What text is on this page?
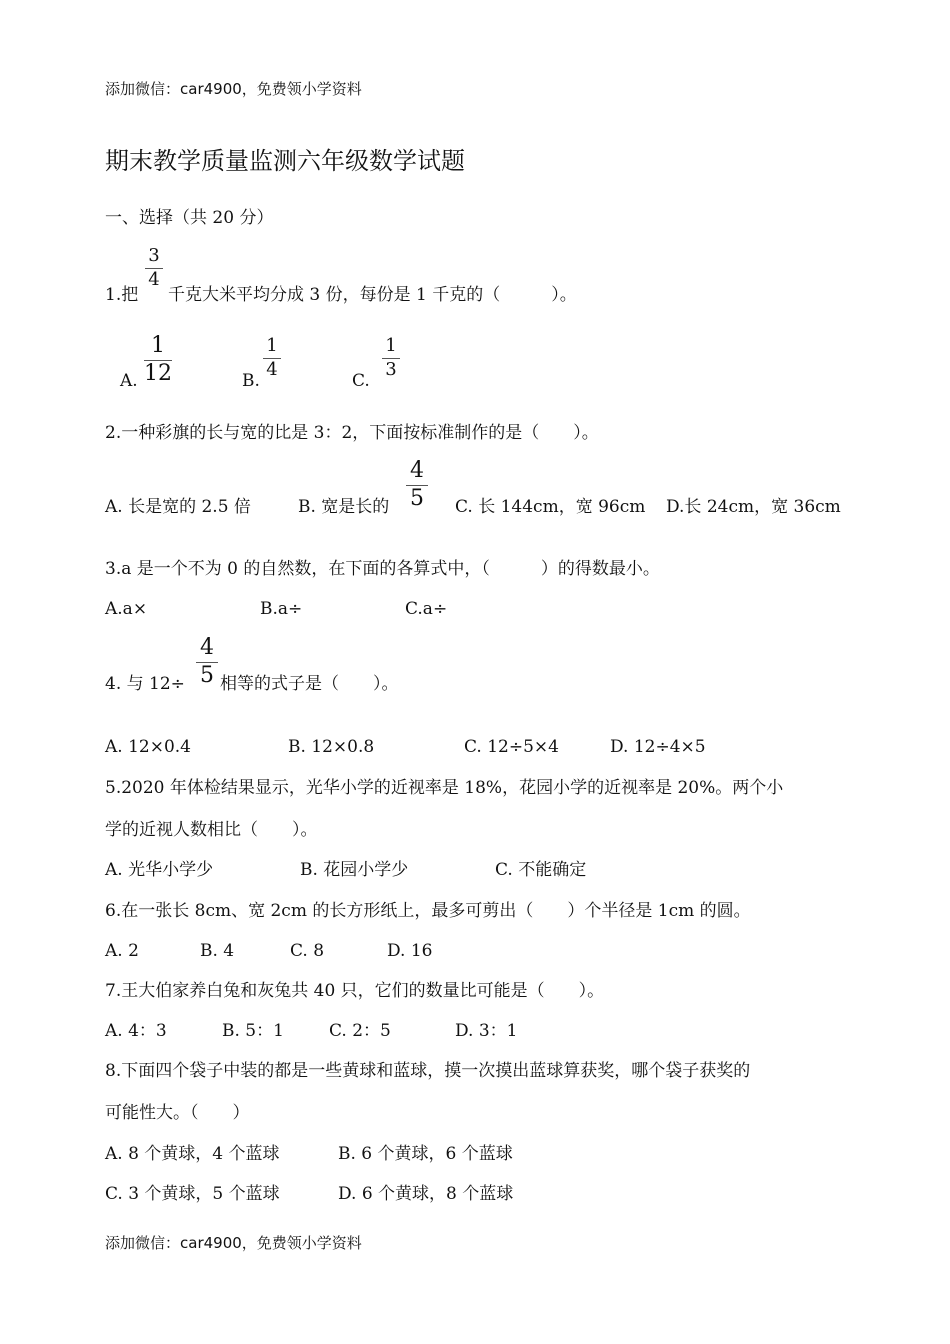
添加微信：car4900，免费领小学资料
期末教学质量监测六年级数学试题
一、选择（共 20 分）
1.把
3
4
千克大米平均分成 3 份，每份是 1 千克的（　　　）。
A.
1
12	B.
1
4
C.
1
3
2.一种彩旗的长与宽的比是 3：2，下面按标准制作的是（　　）。
A. 长是宽的 2.5 倍	B. 宽是长的
4
5 C. 长 144cm，宽 96cm D.长 24cm，宽 36cm
3.a 是一个不为 0 的自然数，在下面的各算式中，（　　　）的得数最小。
A.a×	B.a÷	C.a÷
4. 与 12÷
4
5 相等的式子是（　　）。
A. 12×0.4	B. 12×0.8	C. 12÷5×4	D. 12÷4×5
5.2020 年体检结果显示，光华小学的近视率是 18%，花园小学的近视率是 20%。两个小
学的近视人数相比（　　）。
A. 光华小学少	B. 花园小学少	C. 不能确定
6.在一张长 8cm、宽 2cm 的长方形纸上，最多可剪出（　　）个半径是 1cm 的圆。
A. 2	B. 4	C. 8	D. 16
7.王大伯家养白兔和灰兔共 40 只，它们的数量比可能是（　　）。
A. 4：3	B. 5：1	C. 2：5	D. 3：1
8.下面四个袋子中装的都是一些黄球和蓝球，摸一次摸出蓝球算获奖，哪个袋子获奖的
可能性大。（　　）
A. 8 个黄球，4 个蓝球	B. 6 个黄球，6 个蓝球
C. 3 个黄球，5 个蓝球	D. 6 个黄球，8 个蓝球
添加微信：car4900，免费领小学资料
